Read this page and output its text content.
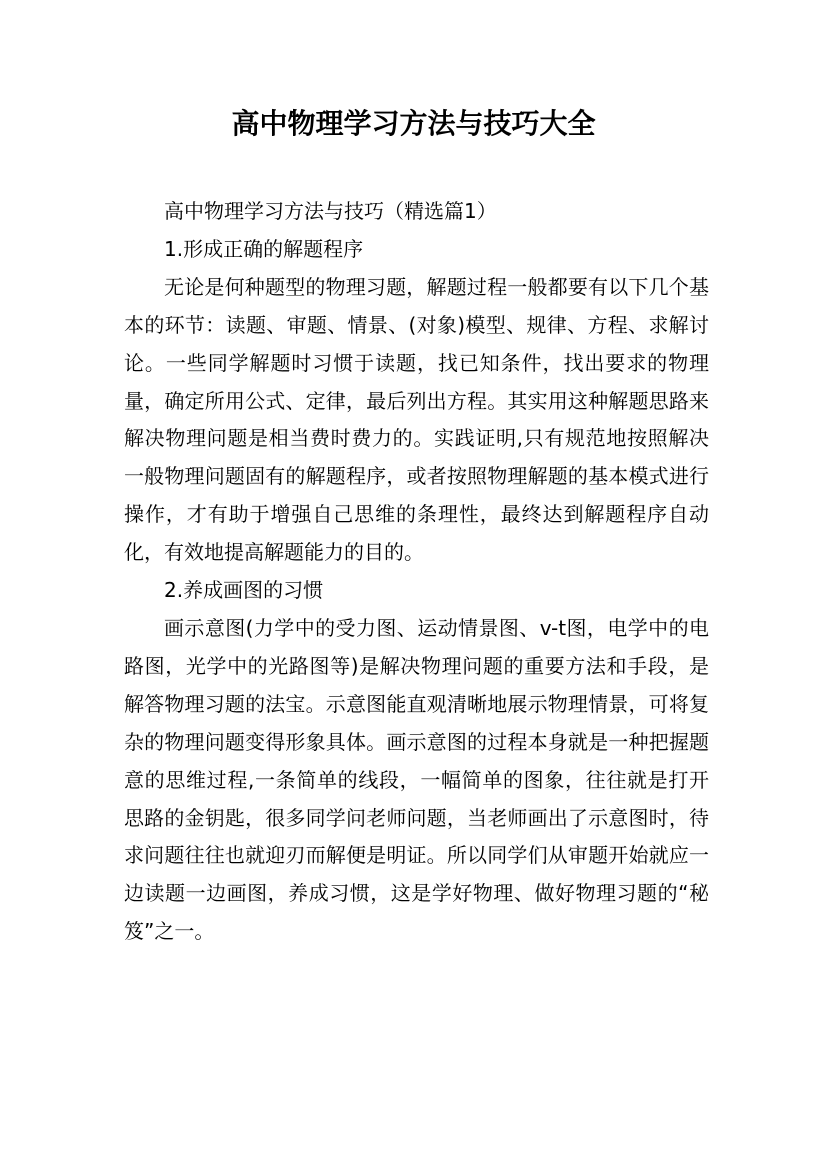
高中物理学习方法与技巧大全

高中物理学习方法与技巧（精选篇1）

1.形成正确的解题程序

无论是何种题型的物理习题，解题过程一般都要有以下几个基本的环节：读题、审题、情景、(对象)模型、规律、方程、求解讨论。一些同学解题时习惯于读题，找已知条件，找出要求的物理量，确定所用公式、定律，最后列出方程。其实用这种解题思路来解决物理问题是相当费时费力的。实践证明,只有规范地按照解决一般物理问题固有的解题程序，或者按照物理解题的基本模式进行操作，才有助于增强自己思维的条理性，最终达到解题程序自动化，有效地提高解题能力的目的。

2.养成画图的习惯

画示意图(力学中的受力图、运动情景图、v-t图，电学中的电路图，光学中的光路图等)是解决物理问题的重要方法和手段，是解答物理习题的法宝。示意图能直观清晰地展示物理情景，可将复杂的物理问题变得形象具体。画示意图的过程本身就是一种把握题意的思维过程,一条简单的线段，一幅简单的图象，往往就是打开思路的金钥匙，很多同学问老师问题，当老师画出了示意图时，待求问题往往也就迎刃而解便是明证。所以同学们从审题开始就应一边读题一边画图，养成习惯，这是学好物理、做好物理习题的“秘笈”之一。
